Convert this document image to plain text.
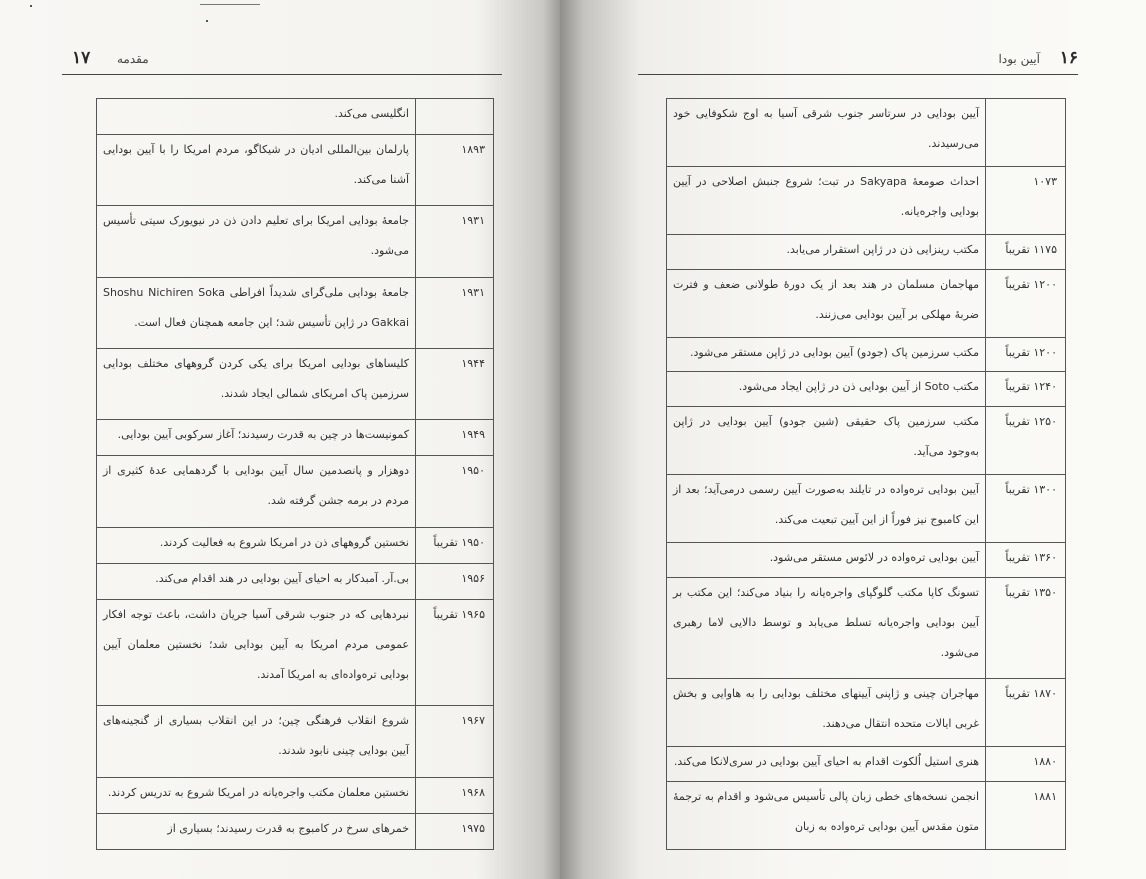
۱۷ مقدمه
	انگلیسی می‌کند.
۱۸۹۳	پارلمان بین‌المللی ادیان در شیکاگو، مردم امریکا را با آیین بودایی آشنا می‌کند.
۱۹۳۱	جامعهٔ بودایی امریکا برای تعلیم دادن ذن در نیویورک سیتی تأسیس می‌شود.
۱۹۳۱	جامعهٔ بودایی ملی‌گرای شدیداً افراطی Shoshu Nichiren Soka Gakkai در ژاپن تأسیس شد؛ این جامعه همچنان فعال است.
۱۹۴۴	کلیساهای بودایی امریکا برای یکی کردن گروههای مختلف بودایی سرزمین پاک امریکای شمالی ایجاد شدند.
۱۹۴۹	کمونیست‌ها در چین به قدرت رسیدند؛ آغاز سرکوبی آیین بودایی.
۱۹۵۰	دوهزار و پانصدمین سال آیین بودایی با گردهمایی عدهٔ کثیری از مردم در برمه جشن گرفته شد.
۱۹۵۰ تقریباً	نخستین گروههای ذن در امریکا شروع به فعالیت کردند.
۱۹۵۶	بی.آر. آمبدکار به احیای آیین بودایی در هند اقدام می‌کند.
۱۹۶۵ تقریباً	نبردهایی که در جنوب شرقی آسیا جریان داشت، باعث توجه افکار عمومی مردم امریکا به آیین بودایی شد؛ نخستین معلمان آیین بودایی تره‌واده‌ای به امریکا آمدند.
۱۹۶۷	شروع انقلاب فرهنگی چین؛ در این انقلاب بسیاری از گنجینه‌های آیین بودایی چینی نابود شدند.
۱۹۶۸	نخستین معلمان مکتب واجره‌یانه در امریکا شروع به تدریس کردند.
۱۹۷۵	خمرهای سرخ در کامبوج به قدرت رسیدند؛ بسیاری از
۱۶
آیین بودا
	آیین بودایی در سرتاسر جنوب شرقی آسیا به اوج شکوفایی خود می‌رسیدند.
۱۰۷۳	احداث صومعهٔ Sakyapa در تبت؛ شروع جنبش اصلاحی در آیین بودایی واجره‌یانه.
۱۱۷۵ تقریباً	مکتب رینزایی ذن در ژاپن استقرار می‌یابد.
۱۲۰۰ تقریباً	مهاجمان مسلمان در هند بعد از یک دورهٔ طولانی ضعف و فترت ضربهٔ مهلکی بر آیین بودایی می‌زنند.
۱۲۰۰ تقریباً	مکتب سرزمین پاک (جودو) آیین بودایی در ژاپن مستقر می‌شود.
۱۲۴۰ تقریباً	مکتب Soto از آیین بودایی ذن در ژاپن ایجاد می‌شود.
۱۲۵۰ تقریباً	مکتب سرزمین پاک حقیقی (شین جودو) آیین بودایی در ژاپن به‌وجود می‌آید.
۱۳۰۰ تقریباً	آیین بودایی تره‌واده در تایلند به‌صورت آیین رسمی درمی‌آید؛ بعد از این کامبوج نیز فوراً از این آیین تبعیت می‌کند.
۱۳۶۰ تقریباً	آیین بودایی تره‌واده در لائوس مستقر می‌شود.
۱۳۵۰ تقریباً	تسونگ کاپا مکتب گلوگپای واجره‌یانه را بنیاد می‌کند؛ این مکتب بر آیین بودایی واجره‌یانه تسلط می‌یابد و توسط دالایی لاما رهبری می‌شود.
۱۸۷۰ تقریباً	مهاجران چینی و ژاپنی آیینهای مختلف بودایی را به هاوایی و بخش غربی ایالات متحده انتقال می‌دهند.
۱۸۸۰	هنری استیل اُلکوت اقدام به احیای آیین بودایی در سری‌لانکا می‌کند.
۱۸۸۱	انجمن نسخه‌های خطی زبان پالی تأسیس می‌شود و اقدام به ترجمهٔ متون مقدس آیین بودایی تره‌واده به زبان
